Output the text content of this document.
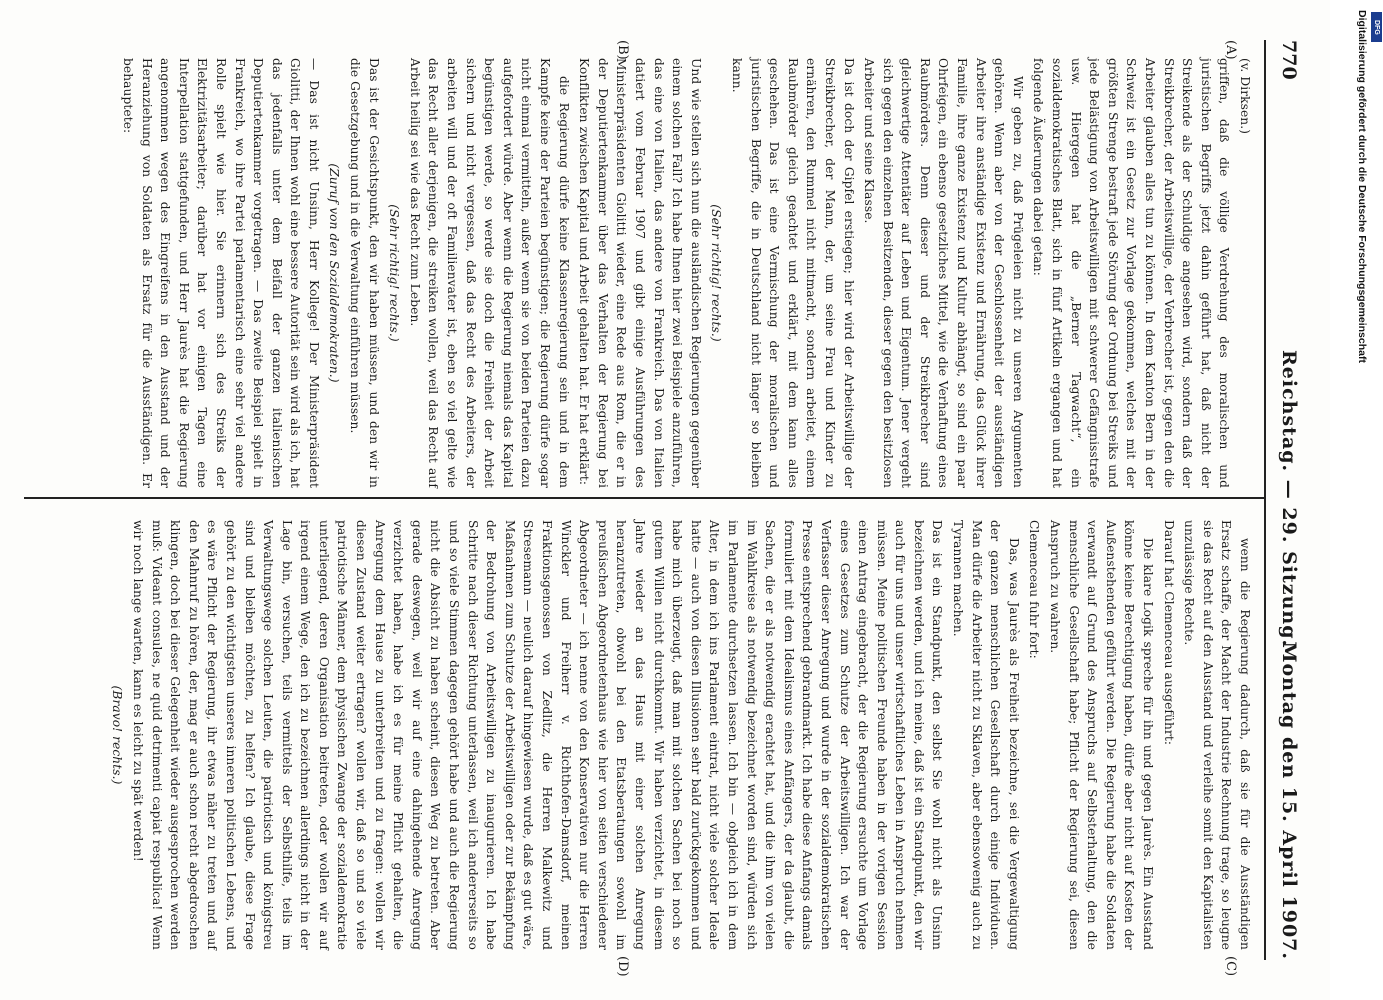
770
Reichstag. — 29. Sitzung.
Montag den 15. April 1907.
(A)
(B)
(C)
(D)

(v. Dirksen.)

griffen, daß die völlige Verdrehung des moralischen und juristischen Begriffs jetzt dahin geführt hat, daß nicht der Streikende als der Schuldige angesehen wird, sondern daß der Streikbrecher, der Arbeitswillige, der Verbrecher ist, gegen den die Arbeiter glauben alles tun zu können. In dem Kanton Bern in der Schweiz ist ein Gesetz zur Vorlage gekommen, welches mit der größten Strenge bestraft jede Störung der Ordnung bei Streiks und jede Belästigung von Arbeitswilligen mit schwerer Gefängnisstrafe usw. Hiergegen hat die „Berner Tagwacht“, ein sozialdemokratisches Blatt, sich in fünf Artikeln ergangen und hat folgende Äußerungen dabei getan:

Wir geben zu, daß Prügeleien nicht zu unseren Argumenten gehören. Wenn aber von der Geschlossenheit der ausständigen Arbeiter ihre anständige Existenz und Ernährung, das Glück ihrer Familie, ihre ganze Existenz und Kultur abhängt, so sind ein paar Ohrfeigen, ein ebenso gesetzliches Mittel, wie die Verhaftung eines Raubmörders. Denn dieser und der Streikbrecher sind gleichwertige Attentäter auf Leben und Eigentum. Jener vergeht sich gegen den einzelnen Besitzenden, dieser gegen den besitzlosen Arbeiter und seine Klasse.

Da ist doch der Gipfel erstiegen; hier wird der Arbeitswillige der Streikbrecher, der Mann, der, um seine Frau und Kinder zu ernähren, den Rummel nicht mitmacht, sondern arbeitet, einem Raubmörder gleich geachtet und erklärt, mit dem kann alles geschehen. Das ist eine Vermischung der moralischen und juristischen Begriffe, die in Deutschland nicht länger so bleiben kann.

(Sehr richtig! rechts.)

Und wie stellen sich nun die ausländischen Regierungen gegenüber einem solchen Fall? Ich habe Ihnen hier zwei Beispiele anzuführen, das eine von Italien, das andere von Frankreich. Das von Italien datiert vom Februar 1907 und gibt einige Ausführungen des Ministerpräsidenten Giolitti wieder, eine Rede aus Rom, die er in der Deputiertenkammer über das Verhalten der Regierung bei Konflikten zwischen Kapital und Arbeit gehalten hat. Er hat erklärt:

die Regierung dürfe keine Klassenregierung sein und in dem Kampfe keine der Parteien begünstigen; die Regierung dürfe sogar nicht einmal vermitteln, außer wenn sie von beiden Parteien dazu aufgefordert würde. Aber wenn die Regierung niemals das Kapital begünstigen werde, so werde sie doch die Freiheit der Arbeit sichern und nicht vergessen, daß das Recht des Arbeiters, der arbeiten will und der oft Familienvater ist, eben so viel gelte wie das Recht aller derjenigen, die streiken wollen, weil das Recht auf Arbeit heilig sei wie das Recht zum Leben.

(Sehr richtig! rechts.)

Das ist der Gesichtspunkt, den wir haben müssen, und den wir in die Gesetzgebung und in die Verwaltung einführen müssen.

(Zuruf von den Sozialdemokraten.)

— Das ist nicht Unsinn, Herr Kollege! Der Ministerpräsident Giolitti, der Ihnen wohl eine bessere Autorität sein wird als ich, hat das jedenfalls unter dem Beifall der ganzen italienischen Deputiertenkammer vorgetragen. — Das zweite Beispiel spielt in Frankreich, wo ihre Partei parlamentarisch eine sehr viel andere Rolle spielt wie hier. Sie erinnern sich des Streiks der Elektrizitätsarbeiter; darüber hat vor einigen Tagen eine Interpellation stattgefunden, und Herr Jaurès hat die Regierung angenommen wegen des Eingreifens in den Ausstand und der Heranziehung von Soldaten als Ersatz für die Ausständigen. Er behauptete:

wenn die Regierung dadurch, daß sie für die Ausständigen Ersatz schaffe, der Macht der Industrie Rechnung trage, so leugne sie das Recht auf den Ausstand und verleihe somit den Kapitalisten unzulässige Rechte.

Darauf hat Clemenceau ausgeführt:

Die klare Logik spreche für ihn und gegen Jaurès. Ein Ausstand könne keine Berechtigung haben, dürfe aber nicht auf Kosten der Außenstehenden geführt werden. Die Regierung habe die Soldaten verwandt auf Grund des Anspruchs auf Selbsterhaltung, den die menschliche Gesellschaft habe; Pflicht der Regierung sei, diesen Anspruch zu wahren.

Clemenceau fuhr fort:

Das, was Jaurès als Freiheit bezeichne, sei die Vergewaltigung der ganzen menschlichen Gesellschaft durch einige Individuen. Man dürfe die Arbeiter nicht zu Sklaven, aber ebensowenig auch zu Tyrannen machen.

Das ist ein Standpunkt, den selbst Sie wohl nicht als Unsinn bezeichnen werden, und ich meine, daß ist ein Standpunkt, den wir auch für uns und unser wirtschaftliches Leben in Anspruch nehmen müssen. Meine politischen Freunde haben in der vorigen Session einen Antrag eingebracht, der die Regierung ersuchte um Vorlage eines Gesetzes zum Schutze der Arbeitswilligen. Ich war der Verfasser dieser Anregung und wurde in der sozialdemokratischen Presse entsprechend gebrandmarkt. Ich habe diese Anfangs damals formuliert mit dem Idealismus eines Anfängers, der da glaubt, die Sachen, die er als notwendig erachtet hat, und die ihm von vielen im Wahlkreise als notwendig bezeichnet worden sind, würden sich im Parlamente durchsetzen lassen. Ich bin — obgleich ich in dem Alter, in dem ich ins Parlament eintrat, nicht viele solcher Ideale hatte — auch von diesen Illusionen sehr bald zurückgekommen und habe mich überzeugt, daß man mit solchen Sachen bei noch so gutem Willen nicht durchkommt. Wir haben verzichtet, in diesem Jahre wieder an das Haus mit einer solchen Anregung heranzutreten, obwohl bei den Etatsberatungen sowohl im preußischen Abgeordnetenhaus wie hier von seiten verschiedener Abgeordneter — ich nenne von den Konservativen nur die Herren Winckler und Freiherr v. Richthofen-Damsdorf, meinen Fraktionsgenossen von Zedlitz, die Herren Malkewitz und Stresemann — neulich darauf hingewiesen wurde, daß es gut wäre, Maßnahmen zum Schutze der Arbeitswilligen oder zur Bekämpfung der Bedrohung von Arbeitswilligen zu inaugurieren. Ich habe Schritte nach dieser Richtung unterlassen, weil ich andererseits so und so viele Stimmen dagegen gehört habe und auch die Regierung nicht die Absicht zu haben scheint, diesen Weg zu betreten. Aber gerade deswegen, weil wir auf eine dahingehende Anregung verzichtet haben, habe ich es für meine Pflicht gehalten, die Anregung dem Hause zu unterbreiten und zu fragen: wollen wir diesen Zustand weiter ertragen? wollen wir, daß so und so viele patriotische Männer, dem physischen Zwange der sozialdemokratie unterliegend, deren Organisation beitreten, oder wollen wir auf irgend einem Wege, den ich zu bezeichnen allerdings nicht in der Lage bin, versuchen, teils vermittels der Selbsthilfe, teils im Verwaltungswege solchen Leuten, die patriotisch und königstreu sind und bleiben möchten, zu helfen? Ich glaube, diese Frage gehört zu den wichtigsten unseres inneren politischen Lebens, und es wäre Pflicht der Regierung, ihr etwas näher zu treten und auf den Mahnruf zu hören, der, mag er auch schon recht abgedroschen klingen, doch bei dieser Gelegenheit wieder ausgesprochen werden muß: Videant consules, ne quid detrimenti capiat respublica! Wenn wir noch lange warten, kann es leicht zu spät werden!

(Bravo! rechts.)

Digitalisierung gefördert durch die Deutsche Forschungsgemeinschaft DFG
